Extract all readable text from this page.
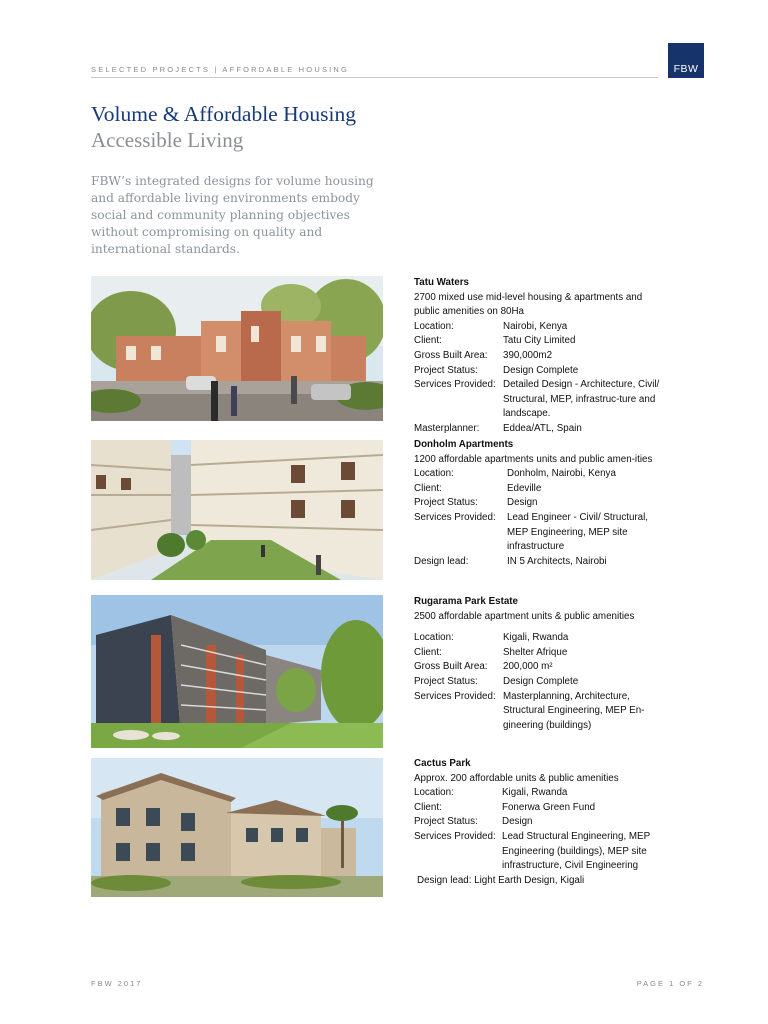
SELECTED PROJECTS | AFFORDABLE HOUSING	FBW
Volume & Affordable Housing
Accessible Living

FBW’s integrated designs for volume housing and affordable living environments embody social and community planning objectives without compromising on quality and international standards.

Tatu Waters

2700 mixed use mid-level housing & apartments and public amenities on 80Ha

Location:	Nairobi, Kenya
Client:	Tatu City Limited
Gross Built Area:	390,000m2
Project Status:	Design Complete
Services Provided: Detailed Design - Architecture, Civil/ Structural, MEP, infrastruc-ture and landscape.
Masterplanner:	Eddea/ATL, Spain
Donholm Apartments

1200 affordable apartments units and public amen-ities

Location:	Donholm, Nairobi, Kenya
Client:	Edeville
Project Status:	Design
Services Provided:	Lead Engineer - Civil/ Structural, MEP Engineering, MEP site infrastructure
Design lead:	IN 5 Architects, Nairobi
Rugarama Park Estate

2500 affordable apartment units & public amenities

Location:	Kigali, Rwanda
Client:	Shelter Afrique
Gross Built Area:	200,000 m²
Project Status:	Design Complete
Services Provided: Masterplanning, Architecture, Structural Engineering, MEP En-gineering (buildings)
Cactus Park

Approx. 200 affordable units & public amenities

Location:	Kigali, Rwanda
Client:	Fonerwa Green Fund
Project Status:	Design
Services Provided: Lead Structural Engineering, MEP Engineering (buildings), MEP site infrastructure, Civil Engineering
Design lead: Light Earth Design, Kigali
FBW 2017	PAGE 1 OF 2
